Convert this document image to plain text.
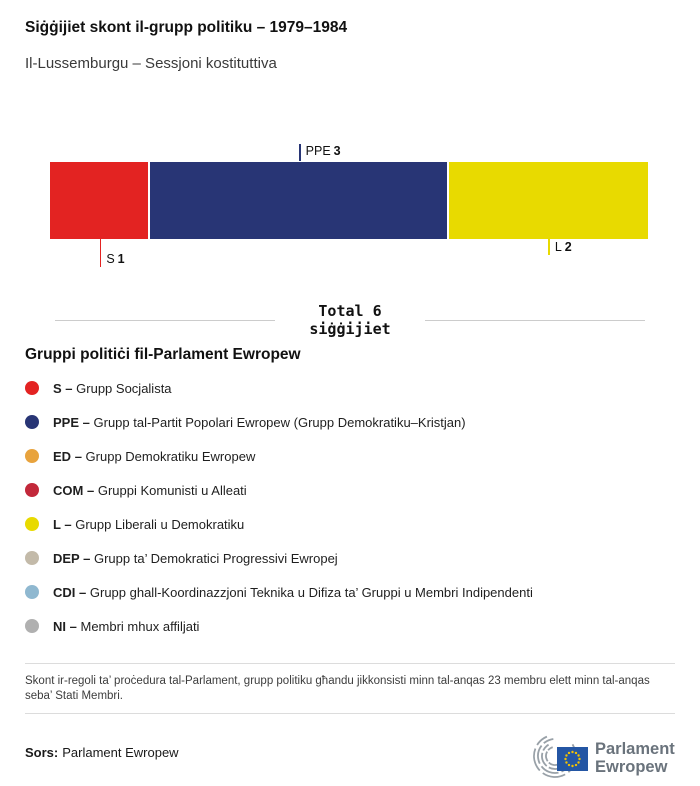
Siġġijiet skont il-grupp politiku – 1979–1984
Il-Lussemburgu – Sessjoni kostituttiva
S 1
PPE 3
L 2
Total 6
siġġijiet
Gruppi politiċi fil-Parlament Ewropew
S – Grupp Socjalista
PPE – Grupp tal-Partit Popolari Ewropew (Grupp Demokratiku–Kristjan)
ED – Grupp Demokratiku Ewropew
COM – Gruppi Komunisti u Alleati
L – Grupp Liberali u Demokratiku
DEP – Grupp ta’ Demokratici Progressivi Ewropej
CDI – Grupp ghall-Koordinazzjoni Teknika u Difiza ta’ Gruppi u Membri Indipendenti
NI – Membri mhux affiljati

Skont ir-regoli ta’ proċedura tal-Parlament, grupp politiku għandu jikkonsisti minn tal-anqas 23 membru elett minn tal-anqas seba’ Stati Membri.

Sors: Parlament Ewropew	Parlament
Ewropew
